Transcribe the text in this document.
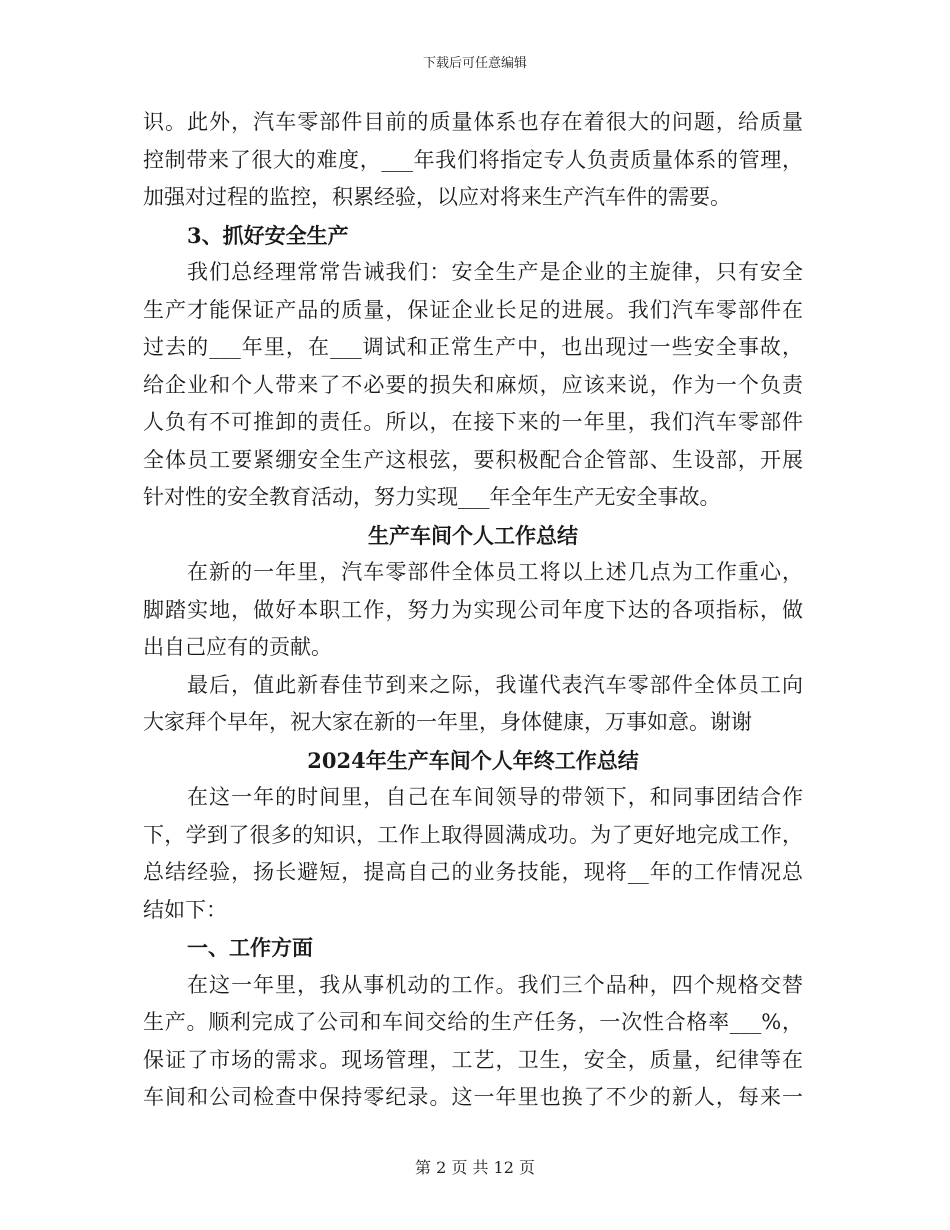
下载后可任意编辑
识。此外，汽车零部件目前的质量体系也存在着很大的问题，给质量
控制带来了很大的难度，___年我们将指定专人负责质量体系的管理，
加强对过程的监控，积累经验，以应对将来生产汽车件的需要。
3、抓好安全生产
我们总经理常常告诫我们：安全生产是企业的主旋律，只有安全
生产才能保证产品的质量，保证企业长足的进展。我们汽车零部件在
过去的___年里，在___调试和正常生产中，也出现过一些安全事故，
给企业和个人带来了不必要的损失和麻烦，应该来说，作为一个负责
人负有不可推卸的责任。所以，在接下来的一年里，我们汽车零部件
全体员工要紧绷安全生产这根弦，要积极配合企管部、生设部，开展
针对性的安全教育活动，努力实现___年全年生产无安全事故。
生产车间个人工作总结
在新的一年里，汽车零部件全体员工将以上述几点为工作重心，
脚踏实地，做好本职工作，努力为实现公司年度下达的各项指标，做
出自己应有的贡献。
最后，值此新春佳节到来之际，我谨代表汽车零部件全体员工向
大家拜个早年，祝大家在新的一年里，身体健康，万事如意。谢谢
2024年生产车间个人年终工作总结
在这一年的时间里，自己在车间领导的带领下，和同事团结合作
下，学到了很多的知识，工作上取得圆满成功。为了更好地完成工作，
总结经验，扬长避短，提高自己的业务技能，现将__年的工作情况总
结如下：
一、工作方面
在这一年里，我从事机动的工作。我们三个品种，四个规格交替
生产。顺利完成了公司和车间交给的生产任务，一次性合格率___%，
保证了市场的需求。现场管理，工艺，卫生，安全，质量，纪律等在
车间和公司检查中保持零纪录。这一年里也换了不少的新人，每来一
第 2 页 共 12 页
